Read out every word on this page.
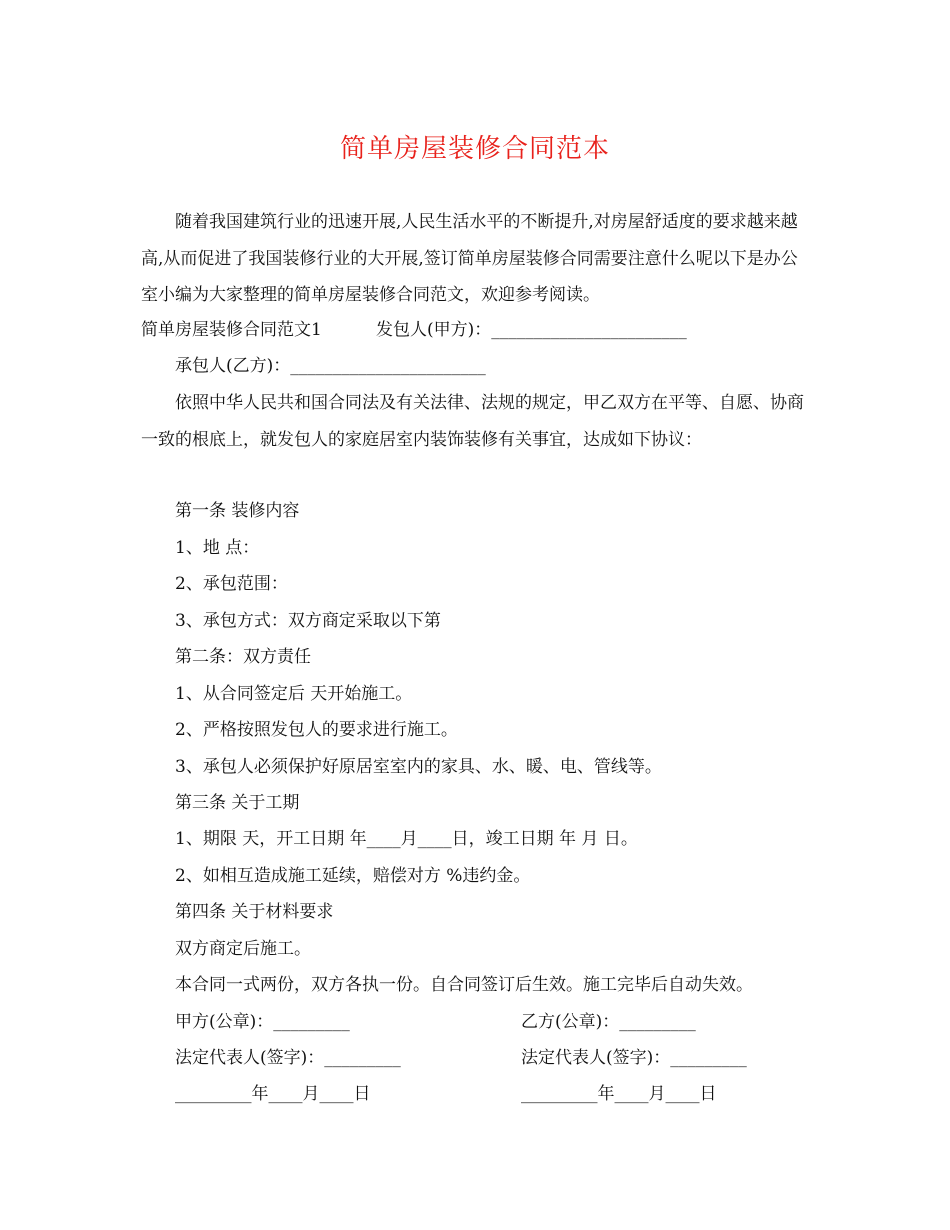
简单房屋装修合同范本

随着我国建筑行业的迅速开展,人民生活水平的不断提升,对房屋舒适度的要求越来越高,从而促进了我国装修行业的大开展,签订简单房屋装修合同需要注意什么呢以下是办公室小编为大家整理的简单房屋装修合同范文，欢迎参考阅读。

简单房屋装修合同范文1	发包人(甲方)：_______________________
承包人(乙方)：_______________________

依照中华人民共和国合同法及有关法律、法规的规定，甲乙双方在平等、自愿、协商一致的根底上，就发包人的家庭居室内装饰装修有关事宜，达成如下协议：

第一条 装修内容
1、地 点：
2、承包范围：
3、承包方式：双方商定采取以下第
第二条：双方责任
1、从合同签定后 天开始施工。
2、严格按照发包人的要求进行施工。
3、承包人必须保护好原居室室内的家具、水、暖、电、管线等。
第三条 关于工期
1、期限 天，开工日期 年____月____日，竣工日期 年 月 日。
2、如相互造成施工延续，赔偿对方 %违约金。
第四条 关于材料要求
双方商定后施工。
本合同一式两份，双方各执一份。自合同签订后生效。施工完毕后自动失效。
甲方(公章)：_________	乙方(公章)：_________
法定代表人(签字)：_________	法定代表人(签字)：_________
_________年____月____日	_________年____月____日
